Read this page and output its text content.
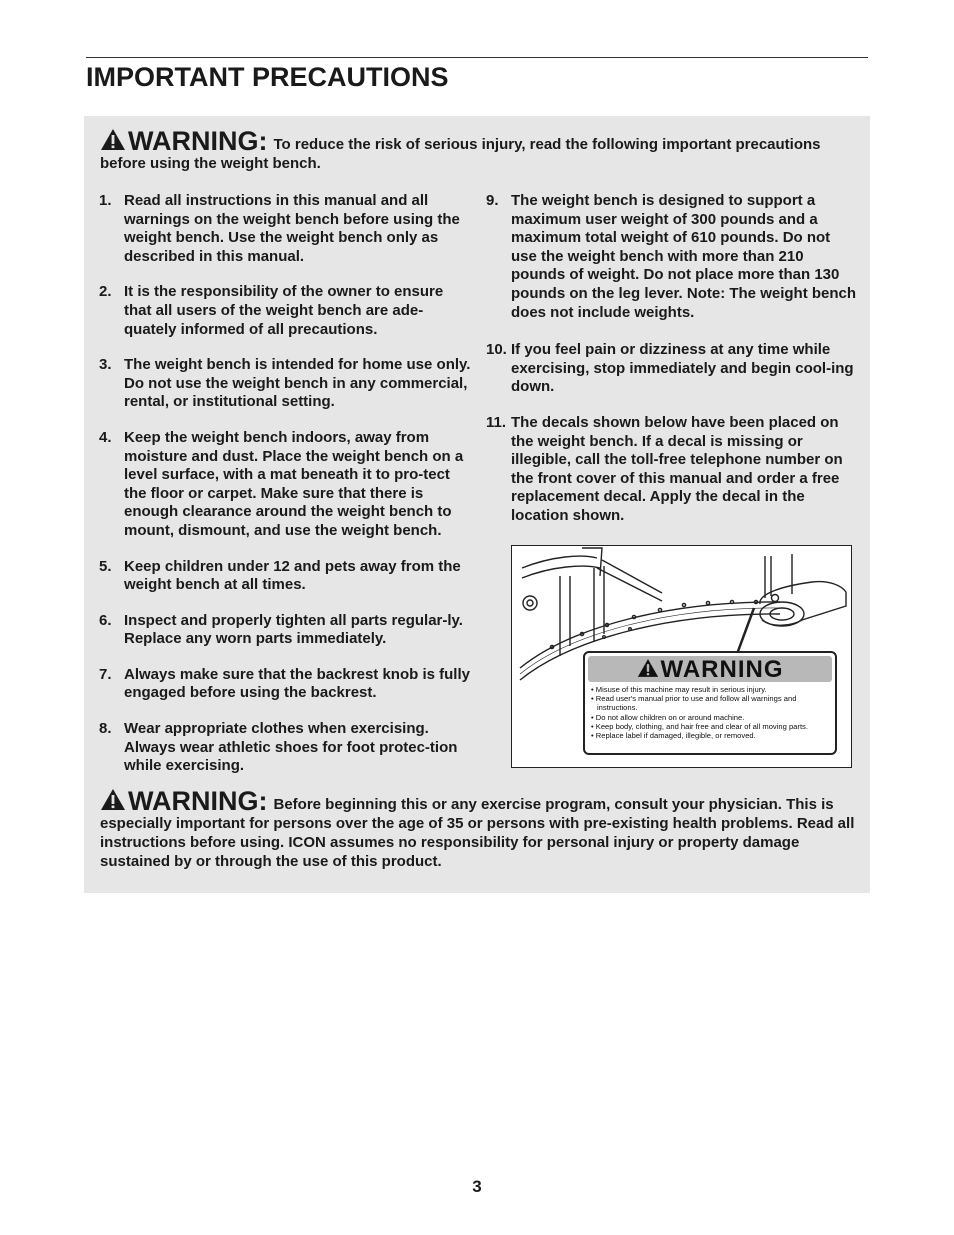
IMPORTANT PRECAUTIONS
WARNING: To reduce the risk of serious injury, read the following important precautions before using the weight bench.
1. Read all instructions in this manual and all warnings on the weight bench before using the weight bench. Use the weight bench only as described in this manual.
2. It is the responsibility of the owner to ensure that all users of the weight bench are ade-quately informed of all precautions.
3. The weight bench is intended for home use only. Do not use the weight bench in any commercial, rental, or institutional setting.
4. Keep the weight bench indoors, away from moisture and dust. Place the weight bench on a level surface, with a mat beneath it to pro-tect the floor or carpet. Make sure that there is enough clearance around the weight bench to mount, dismount, and use the weight bench.
5. Keep children under 12 and pets away from the weight bench at all times.
6. Inspect and properly tighten all parts regular-ly. Replace any worn parts immediately.
7. Always make sure that the backrest knob is fully engaged before using the backrest.
8. Wear appropriate clothes when exercising. Always wear athletic shoes for foot protec-tion while exercising.
9. The weight bench is designed to support a maximum user weight of 300 pounds and a maximum total weight of 610 pounds. Do not use the weight bench with more than 210 pounds of weight. Do not place more than 130 pounds on the leg lever. Note: The weight bench does not include weights.
10. If you feel pain or dizziness at any time while exercising, stop immediately and begin cool-ing down.
11. The decals shown below have been placed on the weight bench. If a decal is missing or illegible, call the toll-free telephone number on the front cover of this manual and order a free replacement decal. Apply the decal in the location shown.
WARNING
• Misuse of this machine may result in serious injury.
• Read user's manual prior to use and follow all warnings and instructions.
• Do not allow children on or around machine.
• Keep body, clothing, and hair free and clear of all moving parts.
• Replace label if damaged, illegible, or removed.
WARNING: Before beginning this or any exercise program, consult your physician. This is especially important for persons over the age of 35 or persons with pre-existing health problems. Read all instructions before using. ICON assumes no responsibility for personal injury or property damage sustained by or through the use of this product.
3
